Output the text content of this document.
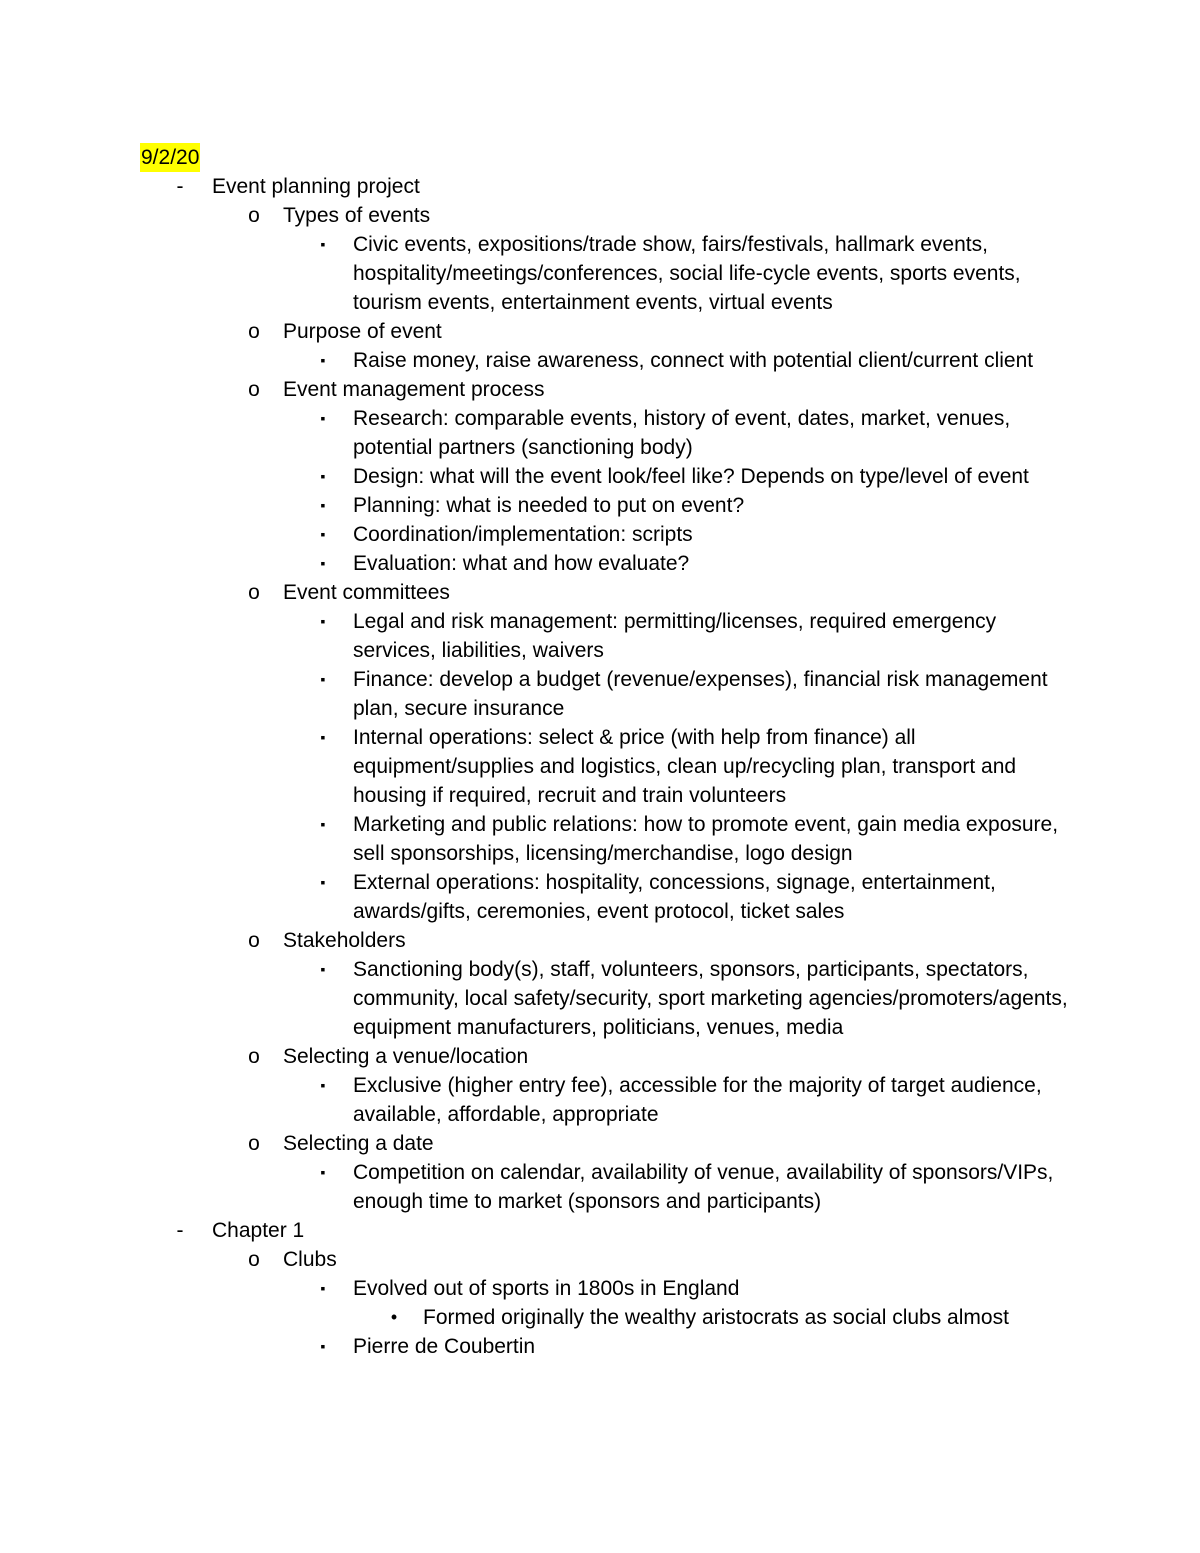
9/2/20
- Event planning project
o Types of events
▪ Civic events, expositions/trade show, fairs/festivals, hallmark events, hospitality/meetings/conferences, social life-cycle events, sports events, tourism events, entertainment events, virtual events
o Purpose of event
▪ Raise money, raise awareness, connect with potential client/current client
o Event management process
▪ Research: comparable events, history of event, dates, market, venues, potential partners (sanctioning body)
▪ Design: what will the event look/feel like? Depends on type/level of event
▪ Planning: what is needed to put on event?
▪ Coordination/implementation: scripts
▪ Evaluation: what and how evaluate?
o Event committees
▪ Legal and risk management: permitting/licenses, required emergency services, liabilities, waivers
▪ Finance: develop a budget (revenue/expenses), financial risk management plan, secure insurance
▪ Internal operations: select & price (with help from finance) all equipment/supplies and logistics, clean up/recycling plan, transport and housing if required, recruit and train volunteers
▪ Marketing and public relations: how to promote event, gain media exposure, sell sponsorships, licensing/merchandise, logo design
▪ External operations: hospitality, concessions, signage, entertainment, awards/gifts, ceremonies, event protocol, ticket sales
o Stakeholders
▪ Sanctioning body(s), staff, volunteers, sponsors, participants, spectators, community, local safety/security, sport marketing agencies/promoters/agents, equipment manufacturers, politicians, venues, media
o Selecting a venue/location
▪ Exclusive (higher entry fee), accessible for the majority of target audience, available, affordable, appropriate
o Selecting a date
▪ Competition on calendar, availability of venue, availability of sponsors/VIPs, enough time to market (sponsors and participants)
- Chapter 1
o Clubs
▪ Evolved out of sports in 1800s in England
• Formed originally the wealthy aristocrats as social clubs almost
▪ Pierre de Coubertin
